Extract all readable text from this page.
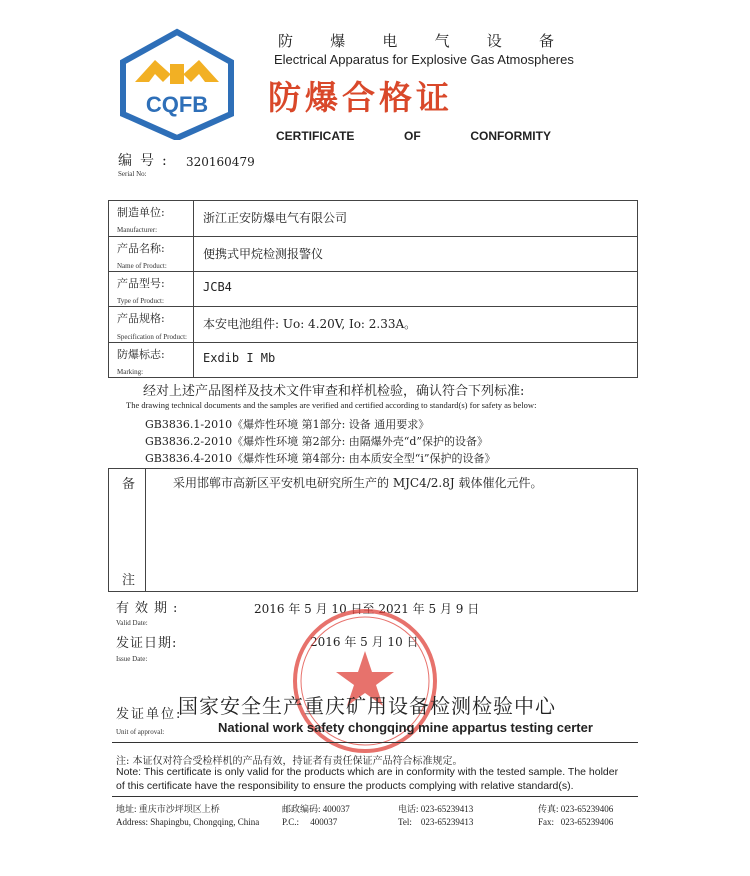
CQFB
防 爆 电 气 设 备
Electrical Apparatus for Explosive Gas Atmospheres
防爆合格证
CERTIFICATE	OF	CONFORMITY
编号:
Serial No:
320160479
制造单位:
Manufacturer:
浙江正安防爆电气有限公司
产品名称:
Name of Product:
便携式甲烷检测报警仪
产品型号:
Type of Product:
JCB4
产品规格:
Specification of Product:
本安电池组件: Uo: 4.20V, Io: 2.33A。
防爆标志:
Marking:
Exdib I Mb
经对上述产品图样及技术文件审查和样机检验，确认符合下列标准:
The drawing technical documents and the samples are verified and certified according to standard(s) for safety as below:
GB3836.1-2010《爆炸性环境 第1部分: 设备 通用要求》
GB3836.2-2010《爆炸性环境 第2部分: 由隔爆外壳“d”保护的设备》
GB3836.4-2010《爆炸性环境 第4部分: 由本质安全型“i”保护的设备》
备
注
采用邯郸市高新区平安机电研究所生产的 MJC4/2.8J 载体催化元件。
有效期:
Valid Date:
2016 年 5 月 10 日至 2021 年 5 月 9 日
发证日期:
Issue Date:
2016 年 5 月 10 日
发证单位:
Unit of approval:
国家安全生产重庆矿用设备检测检验中心
National work safety chongqing mine appartus testing certer
注: 本证仅对符合受检样机的产品有效，持证者有责任保证产品符合标准规定。
Note: This certificate is only valid for the products which are in conformity with the tested sample. The holder
of this certificate have the responsibility to ensure the products complying with relative standard(s).
地址: 重庆市沙坪坝区上桥
Address: Shapingbu, Chongqing, China
邮政编码: 400037
P.C.: 400037
电话: 023-65239413
Tel: 023-65239413
传真: 023-65239406
Fax: 023-65239406
